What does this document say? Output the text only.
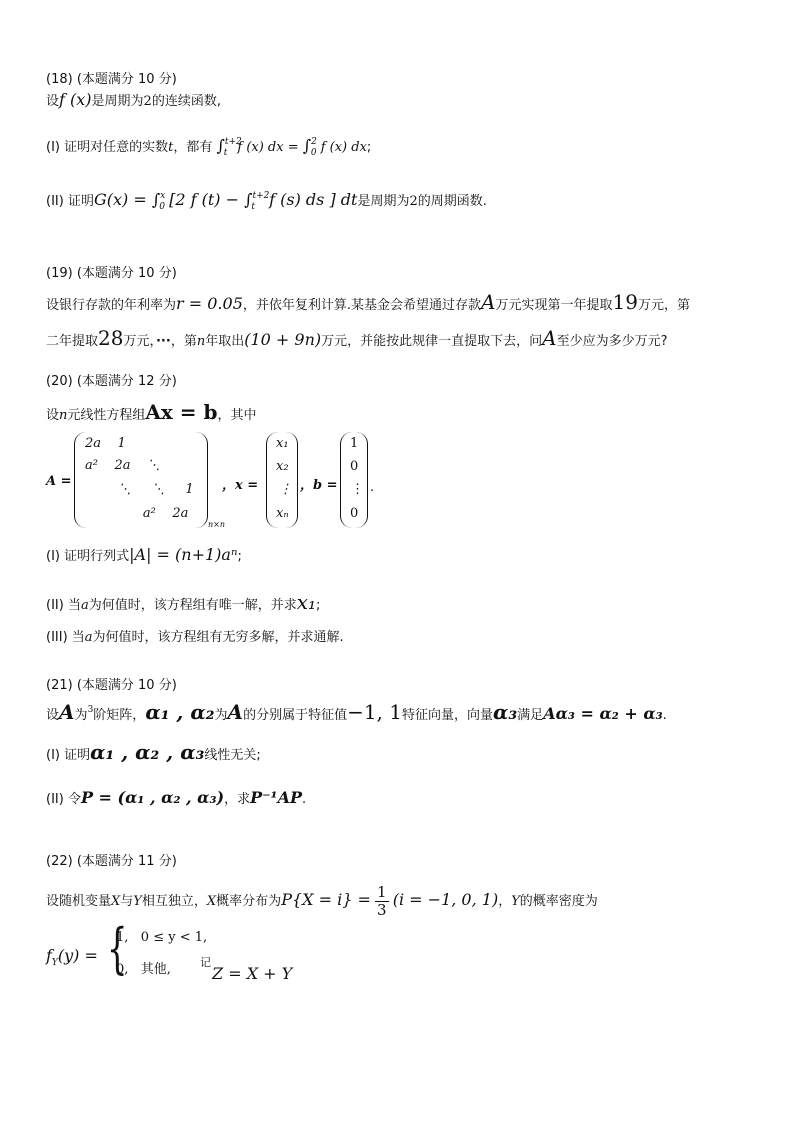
(18) (本题满分 10 分)
设f (x)是周期为2的连续函数,
(I) 证明对任意的实数t，都有 ∫$^{t+2}_t$ f (x) dx = ∫$^2_0$ f (x) dx;
(II) 证明G(x) = ∫$^x_0$ [2 f (t) − ∫$^{t+2}_t$ f (s) ds ] dt是周期为2的周期函数.
(19) (本题满分 10 分)
设银行存款的年利率为r = 0.05，并依年复利计算.某基金会希望通过存款A万元实现第一年提取19万元，第
二年提取28万元，···，第n年取出(10 + 9n)万元，并能按此规律一直提取下去，问A至少应为多少万元?
(20) (本题满分 12 分)
设n元线性方程组Ax = b，其中
A =
2a    1
a²    2a    ⋱
⋱     ⋱     1
a²    2a
n×n
，x =
x₁
x₂
⋮
xₙ
，b =
1
0
⋮
0
.
(I) 证明行列式|A| = (n+1)aⁿ;
(II) 当a为何值时，该方程组有唯一解，并求x₁;
(III) 当a为何值时，该方程组有无穷多解，并求通解.
(21) (本题满分 10 分)
设A为$^3$阶矩阵，α₁ , α₂为A的分别属于特征值−1, 1特征向量，向量α₃满足Aα₃ = α₂ + α₃.
(I) 证明α₁ , α₂ , α₃线性无关;
(II) 令P = (α₁ , α₂ , α₃)，求P⁻¹AP.
(22) (本题满分 11 分)
设随机变量X与Y相互独立，X概率分布为$P\{X = i\} = \frac{1}{3} (i = -1$, 0, 1)，Y的概率密度为
$f_Y(y)$ = {
1,   0 ≤ y < 1,
0,   其他,	记
Z = X + Y
